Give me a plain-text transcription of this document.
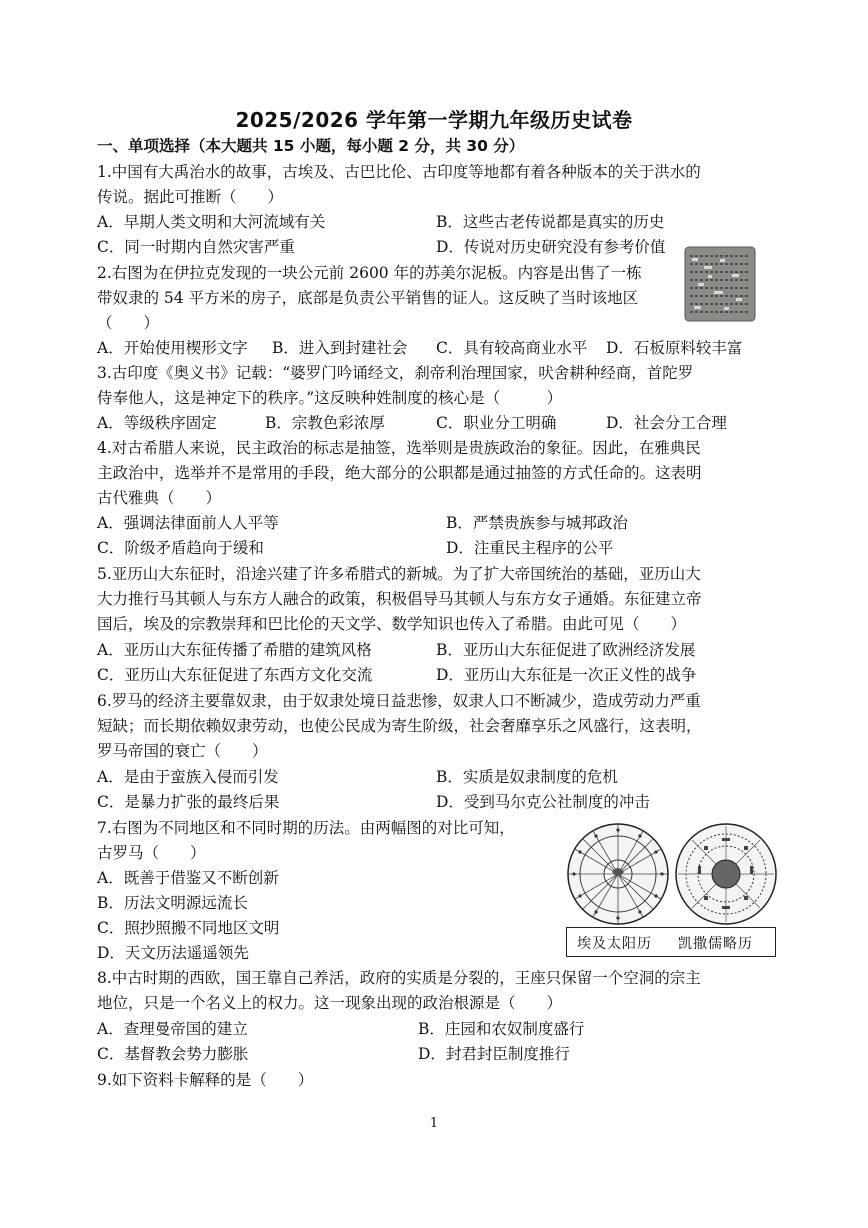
2025/2026 学年第一学期九年级历史试卷
一、单项选择（本大题共 15 小题，每小题 2 分，共 30 分）
1.中国有大禹治水的故事，古埃及、古巴比伦、古印度等地都有着各种版本的关于洪水的
传说。据此可推断（　　）
A．早期人类文明和大河流域有关	B．这些古老传说都是真实的历史
C．同一时期内自然灾害严重	D．传说对历史研究没有参考价值
2.右图为在伊拉克发现的一块公元前 2600 年的苏美尔泥板。内容是出售了一栋
带奴隶的 54 平方米的房子，底部是负责公平销售的证人。这反映了当时该地区
（　　）
A．开始使用楔形文字 B．进入到封建社会 C．具有较高商业水平 D．石板原料较丰富
3.古印度《奥义书》记载：“婆罗门吟诵经文，刹帝利治理国家，吠舍耕种经商，首陀罗
侍奉他人，这是神定下的秩序。”这反映种姓制度的核心是（　　　）
A．等级秩序固定	B．宗教色彩浓厚	C．职业分工明确	D．社会分工合理
4.对古希腊人来说，民主政治的标志是抽签，选举则是贵族政治的象征。因此，在雅典民
主政治中，选举并不是常用的手段，绝大部分的公职都是通过抽签的方式任命的。这表明
古代雅典（　　）
A．强调法律面前人人平等	B．严禁贵族参与城邦政治
C．阶级矛盾趋向于缓和	D．注重民主程序的公平
5.亚历山大东征时，沿途兴建了许多希腊式的新城。为了扩大帝国统治的基础，亚历山大
大力推行马其顿人与东方人融合的政策，积极倡导马其顿人与东方女子通婚。东征建立帝
国后，埃及的宗教崇拜和巴比伦的天文学、数学知识也传入了希腊。由此可见（　　）
A．亚历山大东征传播了希腊的建筑风格	B．亚历山大东征促进了欧洲经济发展
C．亚历山大东征促进了东西方文化交流	D．亚历山大东征是一次正义性的战争
6.罗马的经济主要靠奴隶，由于奴隶处境日益悲惨，奴隶人口不断减少，造成劳动力严重
短缺；而长期依赖奴隶劳动，也使公民成为寄生阶级，社会奢靡享乐之风盛行，这表明，
罗马帝国的衰亡（　　）
A．是由于蛮族入侵而引发	B．实质是奴隶制度的危机
C．是暴力扩张的最终后果	D．受到马尔克公社制度的冲击
7.右图为不同地区和不同时期的历法。由两幅图的对比可知，
古罗马（　　）
A．既善于借鉴又不断创新
B．历法文明源远流长
C．照抄照搬不同地区文明
D．天文历法遥遥领先	埃及太阳历 凯撒儒略历
8.中古时期的西欧，国王靠自己养活，政府的实质是分裂的，王座只保留一个空洞的宗主
地位，只是一个名义上的权力。这一现象出现的政治根源是（　　）
A．查理曼帝国的建立	B．庄园和农奴制度盛行
C．基督教会势力膨胀	D．封君封臣制度推行
9.如下资料卡解释的是（　　）
1
